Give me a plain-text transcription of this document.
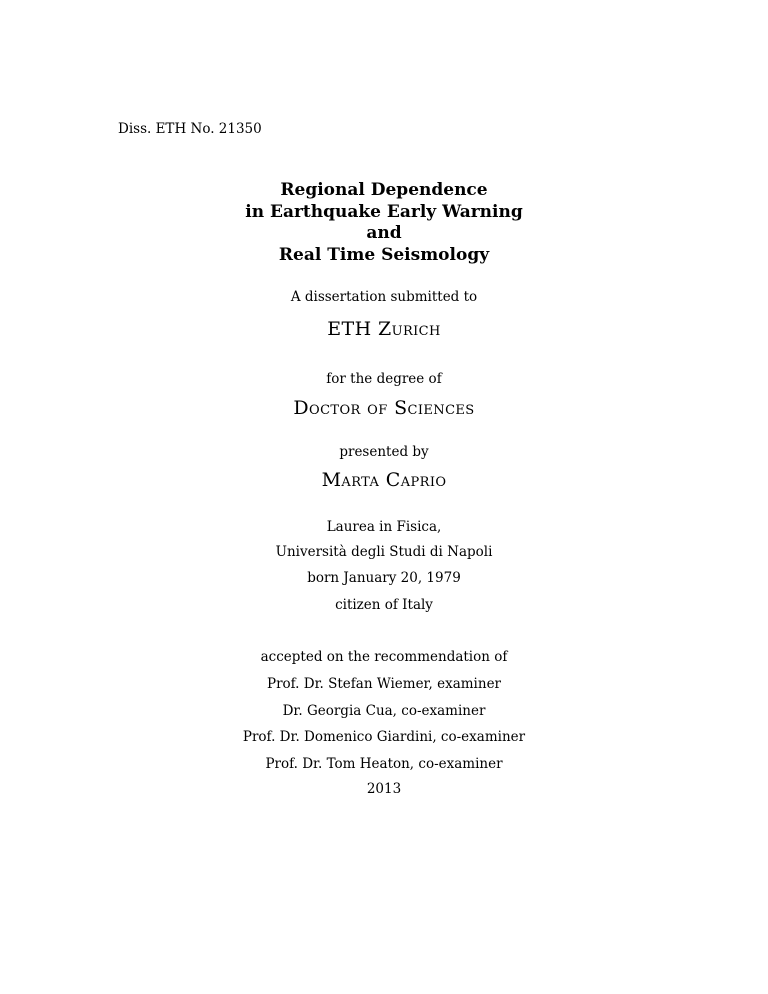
Diss. ETH No. 21350
Regional Dependence
in Earthquake Early Warning
and
Real Time Seismology
A dissertation submitted to
ETH Zurich
for the degree of
Doctor of Sciences
presented by
Marta Caprio
Laurea in Fisica,
Università degli Studi di Napoli
born January 20, 1979
citizen of Italy
accepted on the recommendation of
Prof. Dr. Stefan Wiemer, examiner
Dr. Georgia Cua, co-examiner
Prof. Dr. Domenico Giardini, co-examiner
Prof. Dr. Tom Heaton, co-examiner
2013
